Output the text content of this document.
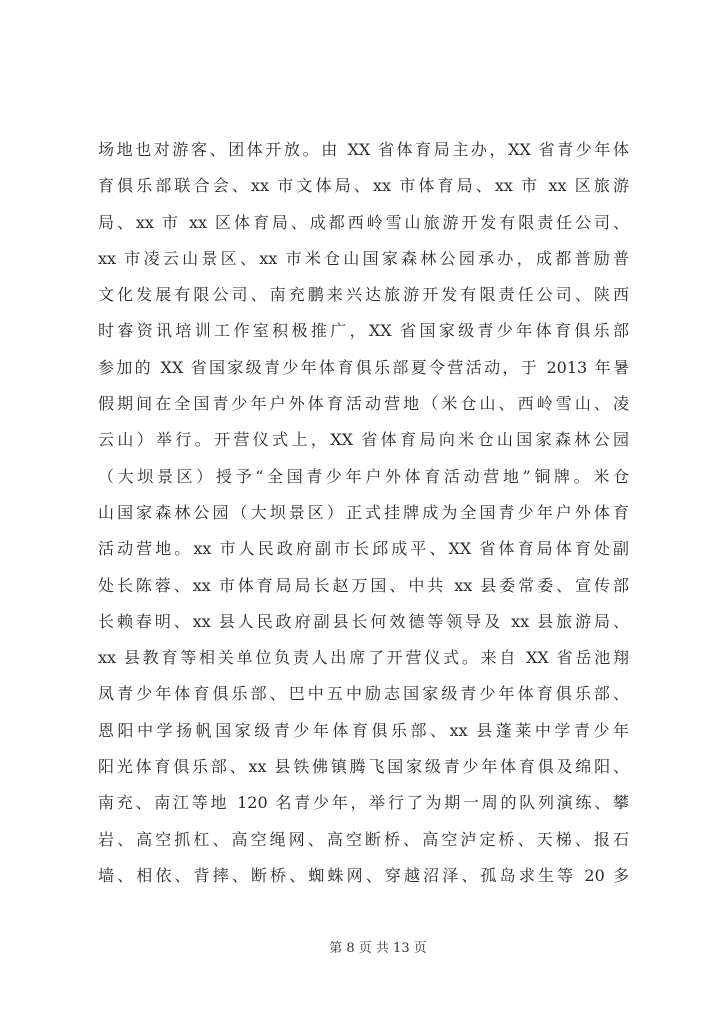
场地也对游客、团体开放。由 XX 省体育局主办，XX 省青少年体
育俱乐部联合会、xx 市文体局、xx 市体育局、xx 市 xx 区旅游
局、xx 市 xx 区体育局、成都西岭雪山旅游开发有限责任公司、
xx 市凌云山景区、xx 市米仓山国家森林公园承办，成都普励普
文化发展有限公司、南充鹏来兴达旅游开发有限责任公司、陕西
时睿资讯培训工作室积极推广，XX 省国家级青少年体育俱乐部
参加的 XX 省国家级青少年体育俱乐部夏令营活动，于 2013 年暑
假期间在全国青少年户外体育活动营地（米仓山、西岭雪山、凌
云山）举行。开营仪式上，XX 省体育局向米仓山国家森林公园
（大坝景区）授予“全国青少年户外体育活动营地”铜牌。米仓
山国家森林公园（大坝景区）正式挂牌成为全国青少年户外体育
活动营地。xx 市人民政府副市长邱成平、XX 省体育局体育处副
处长陈蓉、xx 市体育局局长赵万国、中共 xx 县委常委、宣传部
长赖春明、xx 县人民政府副县长何效德等领导及 xx 县旅游局、
xx 县教育等相关单位负责人出席了开营仪式。来自 XX 省岳池翔
凤青少年体育俱乐部、巴中五中励志国家级青少年体育俱乐部、
恩阳中学扬帆国家级青少年体育俱乐部、xx 县蓬莱中学青少年
阳光体育俱乐部、xx 县铁佛镇腾飞国家级青少年体育俱及绵阳、
南充、南江等地 120 名青少年，举行了为期一周的队列演练、攀
岩、高空抓杠、高空绳网、高空断桥、高空泸定桥、天梯、报石
墙、相依、背摔、断桥、蜘蛛网、穿越沼泽、孤岛求生等 20 多
第 8 页 共 13 页
